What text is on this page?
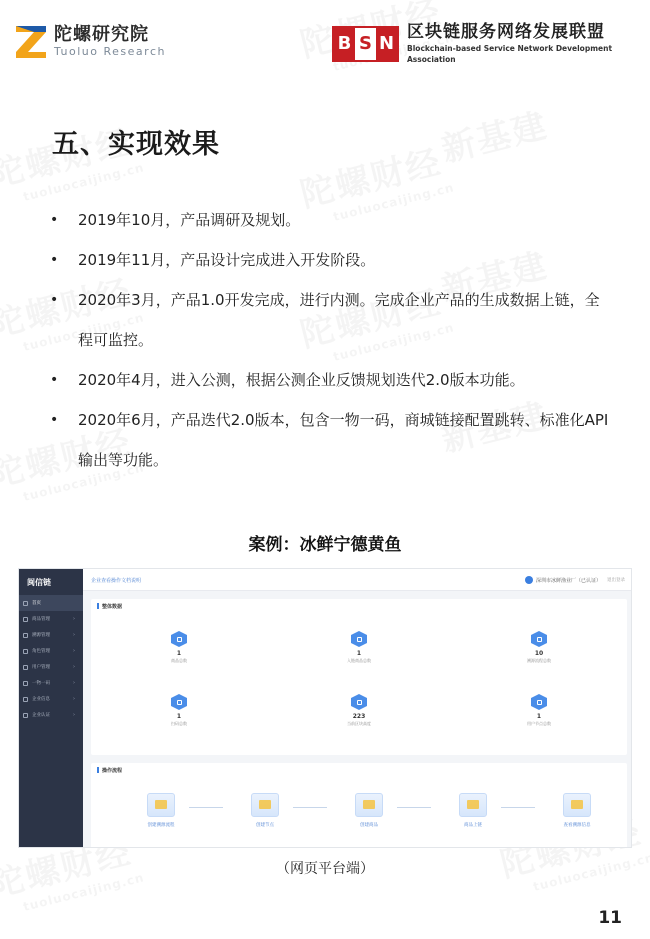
陀螺研究院
Tuoluo Research	B S N
区块链服务网络发展联盟
Blockchain-based Service Network Development Association
五、实现效果
•	2019年10月，产品调研及规划。
•	2019年11月，产品设计完成进入开发阶段。
•	2020年3月，产品1.0开发完成，进行内测。完成企业产品的生成数据上链，全程可监控。
•	2020年4月，进入公测，根据公测企业反馈规划迭代2.0版本功能。
•	2020年6月，产品迭代2.0版本，包含一物一码，商城链接配置跳转、标准化API输出等功能。
案例：冰鲜宁德黄鱼
闽信链
首页
商品管理	›
溯源管理	›
角色管理	›
用户管理	›
一物一码	›
企业信息	›
企业认证	›
企业查看操作文档说明	深圳市冰鲜渔业厂（已认证） 退出登录
整体数据
1
商品总数
1
入链商品总数
10
溯源流程总数
1
扫码总数
223
当前区块高度
1
用户节点总数
操作流程
创建溯源流程	创建节点	创建商品	商品上链	查看溯源信息
（网页平台端）
11
